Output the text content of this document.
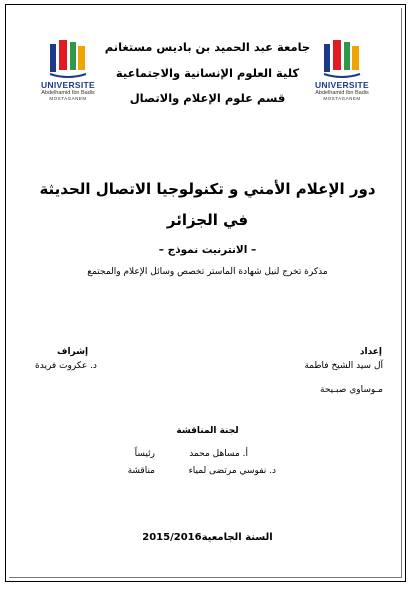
UNIVERSITE
Abdelhamid Ibn Badis
MOSTAGANEM
UNIVERSITE
Abdelhamid Ibn Badis
MOSTAGANEM
جامعة عبد الحميد بن باديس مستغانم
كلية العلوم الإنسانية والاجتماعية
قسم علوم الإعلام والاتصال
دور الإعلام الأمني و تكنولوجيا الاتصال الحديثة
في الجزائر
– الانترنيت نموذج –
مذكرة تخرج لنيل شهادة الماستر تخصص وسائل الإعلام والمجتمع
إعداد
آل سيد الشيخ فاطمة
مـوساوي صبـيحة
إشراف
د. عكروت فريدة
لجنة المناقشة
أ. مساهل محمد
رئيساً
د. نفوسي مرتضى لمياء
مناقشة
السنة الجامعية2015/2016
